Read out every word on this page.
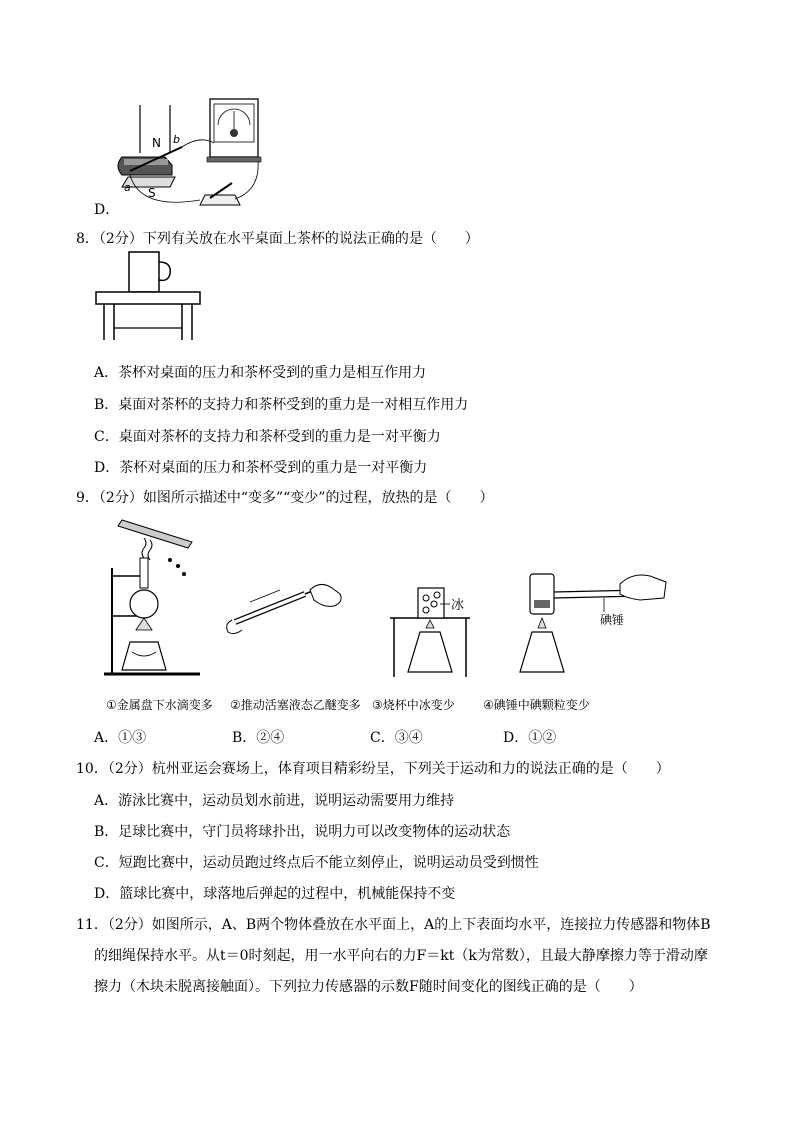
N
S
a
b
D．
8．（2分）下列有关放在水平桌面上茶杯的说法正确的是（　　）
A．茶杯对桌面的压力和茶杯受到的重力是相互作用力
B．桌面对茶杯的支持力和茶杯受到的重力是一对相互作用力
C．桌面对茶杯的支持力和茶杯受到的重力是一对平衡力
D．茶杯对桌面的压力和茶杯受到的重力是一对平衡力
9．（2分）如图所示描述中“变多”“变少”的过程，放热的是（　　）
冰
碘锤
①金属盘下水滴变多 ②推动活塞液态乙醚变多 ③烧杯中冰变少 ④碘锤中碘颗粒变少
A．①③	B．②④	C．③④	D．①②
10．（2分）杭州亚运会赛场上，体育项目精彩纷呈，下列关于运动和力的说法正确的是（　　）
A．游泳比赛中，运动员划水前进，说明运动需要用力维持
B．足球比赛中，守门员将球扑出，说明力可以改变物体的运动状态
C．短跑比赛中，运动员跑过终点后不能立刻停止，说明运动员受到惯性
D．篮球比赛中，球落地后弹起的过程中，机械能保持不变
11．（2分）如图所示，A、B两个物体叠放在水平面上，A的上下表面均水平，连接拉力传感器和物体B
的细绳保持水平。从t＝0时刻起，用一水平向右的力F＝kt（k为常数），且最大静摩擦力等于滑动摩
擦力（木块未脱离接触面）。下列拉力传感器的示数F随时间变化的图线正确的是（　　）
